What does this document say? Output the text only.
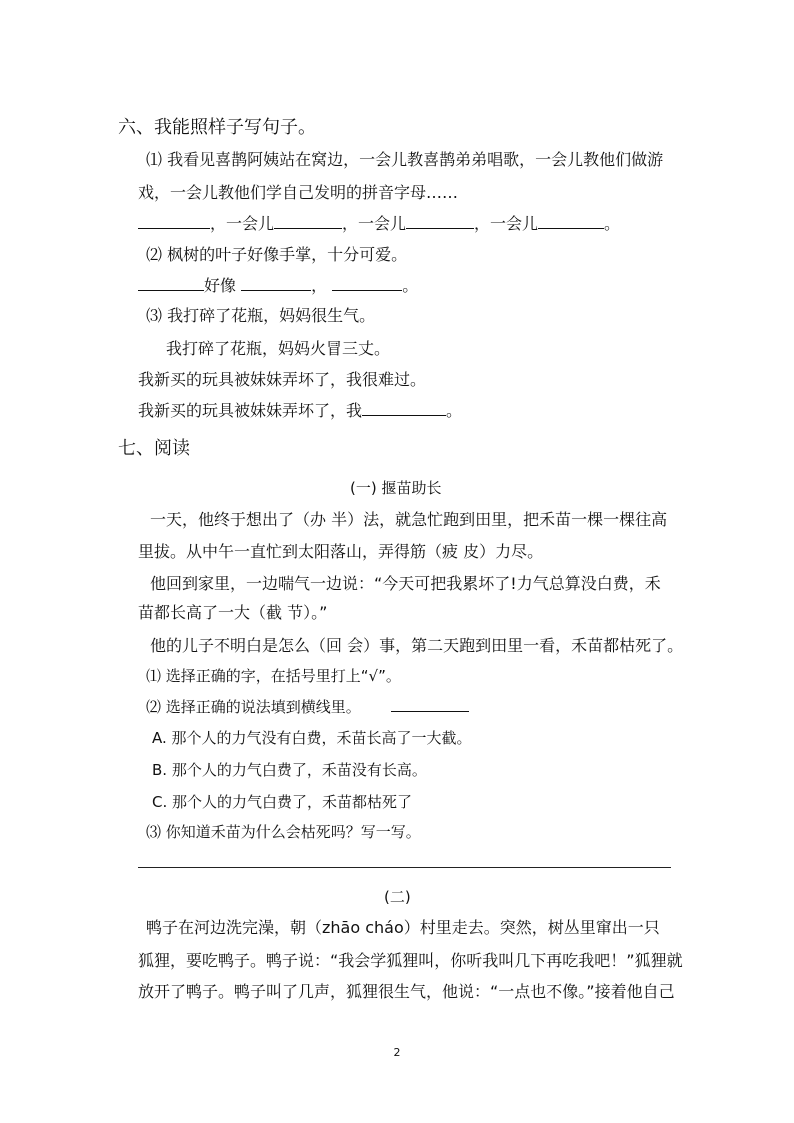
六、我能照样子写句子。
⑴ 我看见喜鹊阿姨站在窝边，一会儿教喜鹊弟弟唱歌，一会儿教他们做游
戏，一会儿教他们学自己发明的拼音字母……
，一会儿	，一会儿	，一会儿	。
⑵ 枫树的叶子好像手掌，十分可爱。
好像	，	。
⑶ 我打碎了花瓶，妈妈很生气。
我打碎了花瓶，妈妈火冒三丈。
我新买的玩具被妹妹弄坏了，我很难过。
我新买的玩具被妹妹弄坏了，我	。
七、阅读
(一) 揠苗助长
一天，他终于想出了（办 半）法，就急忙跑到田里，把禾苗一棵一棵往高
里拔。从中午一直忙到太阳落山，弄得筋（疲 皮）力尽。
他回到家里，一边喘气一边说：“今天可把我累坏了!力气总算没白费，禾
苗都长高了一大（截 节）。”
他的儿子不明白是怎么（回 会）事，第二天跑到田里一看，禾苗都枯死了。
⑴ 选择正确的字，在括号里打上“√”。
⑵ 选择正确的说法填到横线里。
A. 那个人的力气没有白费，禾苗长高了一大截。
B. 那个人的力气白费了，禾苗没有长高。
C. 那个人的力气白费了，禾苗都枯死了
⑶ 你知道禾苗为什么会枯死吗？写一写。
(二)
鸭子在河边洗完澡，朝（zhāo cháo）村里走去。突然，树丛里窜出一只
狐狸，要吃鸭子。鸭子说：“我会学狐狸叫，你听我叫几下再吃我吧！”狐狸就
放开了鸭子。鸭子叫了几声，狐狸很生气，他说：“一点也不像。”接着他自己
2
